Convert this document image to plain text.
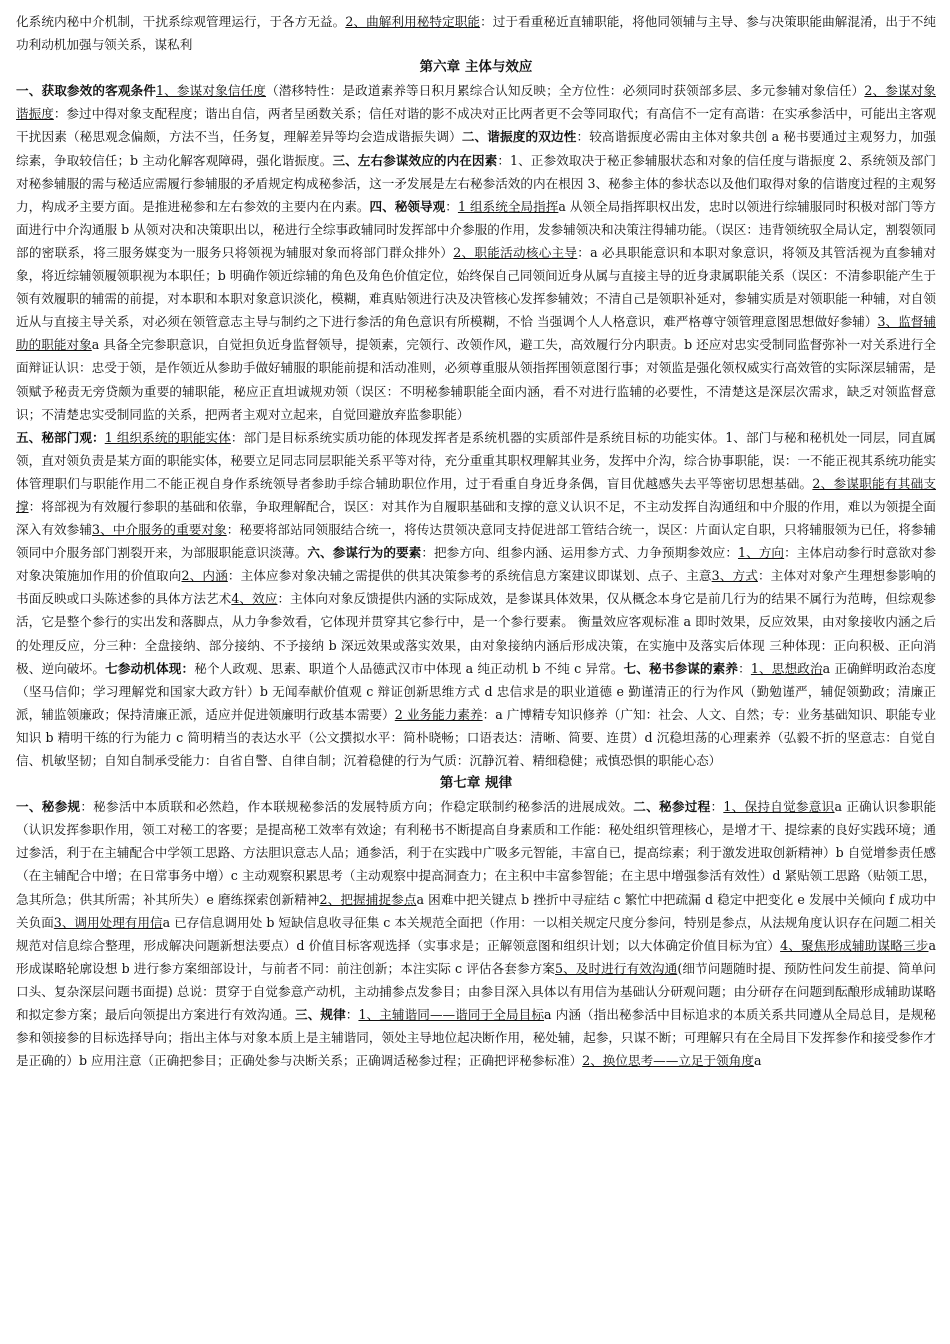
化系统内秘中介机制，干扰系综观管理运行，于各方无益。2、曲解利用秘特定职能：过于看重秘近直辅职能，将他同领辅与主导、参与决策职能曲解混淆，出于不纯功利动机加强与领关系，谋私利

第六章 主体与效应

一、获取参效的客观条件1、参谋对象信任度（潜移特性：是政道素养等日积月累综合认知反映；全方位性：必须同时获领部多层、多元参辅对象信任）2、参谋对象谐振度：参过中得对象支配程度；谐出自信，两者呈函数关系；信任对谐的影不成决对正比两者更不会等同取代；有高信不一定有高谐：在实承参活中，可能出主客观干扰因素（秘思观念偏颇，方法不当，任务复，理解差异等均会造成谐振失调）二、谐振度的双边性：较高谐振度必需由主体对象共创 a 秘书要通过主观努力，加强综素，争取较信任；b 主动化解客观障碍，强化谐振度。三、左右参谋效应的内在因素：1、正参效取决于秘正参辅服状态和对象的信任度与谐振度 2、系统领及部门对秘参辅服的需与秘适应需履行参辅服的矛盾规定构成秘参活，这一矛发展是左右秘参活效的内在根因 3、秘参主体的参状态以及他们取得对象的信谐度过程的主观努力，构成矛主要方面。是推进秘参和左右参效的主要内在内素。四、秘领导观：1 组系统全局指挥a 从领全局指挥职权出发，忠时以领进行综辅服同时积极对部门等方面进行中介沟通服 b 从领对决和决策职出以，秘进行全综事政辅同时发挥部中介参服的作用，发参辅领决和决策注得辅功能。（误区：违背领统驭全局认定，割裂领同部的密联系，将三服务媒变为一服务只将领视为辅服对象而将部门群众排外）2、职能活动核心主导：a 必具职能意识和本职对象意识，将领及其管活视为直参辅对象，将近综辅领履领职视为本职任；b 明确作领近综辅的角色及角色价值定位，始终保自己同领间近身从属与直接主导的近身隶属职能关系（误区：不清参职能产生于领有效履职的辅需的前提，对本职和本职对象意识淡化，模糊，难真贴领进行决及决管核心发挥参辅效；不清自己是领职补延对，参辅实质是对领职能一种辅，对自领近从与直接主导关系，对必须在领管意志主导与制约之下进行参活的角色意识有所模糊，不恰 当强调个人人格意识，难严格尊守领管理意图思想做好参辅）3、监督辅助的职能对象a 具备全完参职意识，自觉担负近身监督领导，提领素，完领行、改领作风，避工失，高效履行分内职责。b 还应对忠实受制同监督弥补一对关系进行全面辩证认识：忠受于领，是作领近从参助手做好辅服的职能前提和活动准则，必须尊重服从领指挥围领意图行事；对领监是强化领权威实行高效管的实际深层辅需，是领赋予秘责无旁贷颇为重要的辅职能，秘应正直坦诚规劝领（误区：不明秘参辅职能全面内涵，看不对进行监辅的必要性，不清楚这是深层次需求，缺乏对领监督意识；不清楚忠实受制同监的关系，把两者主观对立起来，自觉回避放弃监参职能）

五、秘部门观：1 组织系统的职能实体：部门是目标系统实质功能的体现发挥者是系统机器的实质部件是系统目标的功能实体。1、部门与秘和秘机处一同层，同直属领，直对领负责是某方面的职能实体，秘要立足同志同层职能关系平等对待，充分重重其职权理解其业务，发挥中介沟，综合协事职能，误：一不能正视其系统功能实体管理职们与职能作用二不能正视自身作系统领导者参助手综合辅助职位作用，过于看重自身近身条偶，盲目优越感失去平等密切思想基础。2、参谋职能有其础支撑：将部视为有效履行参职的基础和依靠，争取理解配合，误区：对其作为自履职基础和支撑的意义认识不足，不主动发挥自沟通纽和中介服的作用，难以为领提全面深入有效参辅3、中介服务的重要对象：秘要将部站同领服结合统一，将传达贯领决意同支持促进部工管结合统一，误区：片面认定自职，只将辅服领为已任，将参辅领同中介服务部门割裂开来，为部服职能意识淡薄。六、参谋行为的要素：把参方向、组参内涵、运用参方式、力争预期参效应：1、方向：主体启动参行时意欲对参对象决策施加作用的价值取向2、内涵：主体应参对象决辅之需提供的供其决策参考的系统信息方案建议即谋划、点子、主意3、方式：主体对对象产生理想参影响的书面反映或口头陈述参的具体方法艺术4、效应：主体向对象反馈提供内涵的实际成效，是参谋具体效果，仅从概念本身它是前几行为的结果不属行为范畴，但综观参活，它是整个参行的实出发和落脚点，从力争参效看，它体现并贯穿其它参行中，是一个参行要素。 衡量效应客观标准 a 即时效果，反应效果，由对象接收内涵之后的处理反应，分三种：全盘接纳、部分接纳、不予接纳 b 深远效果或落实效果，由对象接纳内涵后形成决策，在实施中及落实后体现 三种体现：正向积极、正向消极、逆向破坏。七参动机体现：秘个人政观、思素、职道个人品德武汉市中体现 a 纯正动机 b 不纯 c 异常。七、秘书参谋的素养：1、思想政治a 正确鲜明政治态度（坚马信仰；学习理解党和国家大政方针）b 无闻奉献价值观 c 辩证创新思维方式 d 忠信求是的职业道德 e 勤谨清正的行为作风（勤勉谨严，辅促领勤政；清廉正派，辅监领廉政；保持清廉正派，适应并促进领廉明行政基本需要）2 业务能力素养：a 广博精专知识修养（广知：社会、人文、自然；专：业务基础知识、职能专业知识 b 精明干练的行为能力 c 简明精当的表达水平（公文撰拟水平：简朴晓畅；口语表达：清晰、简要、连贯）d 沉稳坦荡的心理素养（弘毅不折的坚意志：自觉自信、机敏坚韧；自知自制承受能力：自省自警、自律自制；沉着稳健的行为气质：沉静沉着、精细稳健；戒慎恐惧的职能心态）

第七章 规律

一、秘参规：秘参活中本质联和必然趋，作本联规秘参活的发展特质方向；作稳定联制约秘参活的进展成效。二、秘参过程：1、保持自觉参意识a 正确认识参职能（认识发挥参职作用，领工对秘工的客要；是提高秘工效率有效途；有利秘书不断提高自身素质和工作能：秘处组织管理核心，是增才干、提综素的良好实践环境；通过参活，利于在主辅配合中学领工思路、方法胆识意志人品；通参活，利于在实践中广吸多元智能，丰富自已，提高综素；利于激发进取创新精神）b 自觉增参责任感（在主辅配合中增；在日常事务中增）c 主动观察积累思考（主动观察中提高洞查力；在主积中丰富参智能；在主思中增强参活有效性）d 紧贴领工思路（贴领工思，急其所急；供其所需；补其所失）e 磨练探索创新精神2、把握捕捉参点a 困难中把关键点 b 挫折中寻症结 c 繁忙中把疏漏 d 稳定中把变化 e 发展中关倾向 f 成功中关负面3、调用处理有用信a 已存信息调用处 b 短缺信息收寻征集 c 本关规范全面把（作用：一以相关规定尺度分参问，特别是参点，从法规角度认识存在问题二相关规范对信息综合整理，形成解决问题新想法要点）d 价值目标客观选择（实事求是；正解领意图和组织计划；以大体确定价值目标为宜）4、聚焦形成辅助谋略三步a 形成谋略轮廓设想 b 进行参方案细部设计，与前者不同：前注创新；本注实际 c 评估各套参方案5、及时进行有效沟通(细节问题随时提、预防性问发生前提、简单问口头、复杂深层问题书面提) 总说：贯穿于自觉参意产动机，主动捕参点发参目；由参目深入具体以有用信为基础认分研观问题；由分研存在问题到酝酿形成辅助谋略和拟定参方案；最后向领提出方案进行有效沟通。三、规律：1、主辅谐同——谐同于全局目标a 内涵（指出秘参活中目标追求的本质关系共同遵从全局总目，是规秘参和领接参的目标选择导向；指出主体与对象本质上是主辅谐同，领处主导地位起决断作用，秘处辅，起参，只谋不断；可理解只有在全局目下发挥参作和接受参作才是正确的）b 应用注意（正确把参目；正确处参与决断关系；正确调适秘参过程；正确把评秘参标准）2、换位思考——立足于领角度a
